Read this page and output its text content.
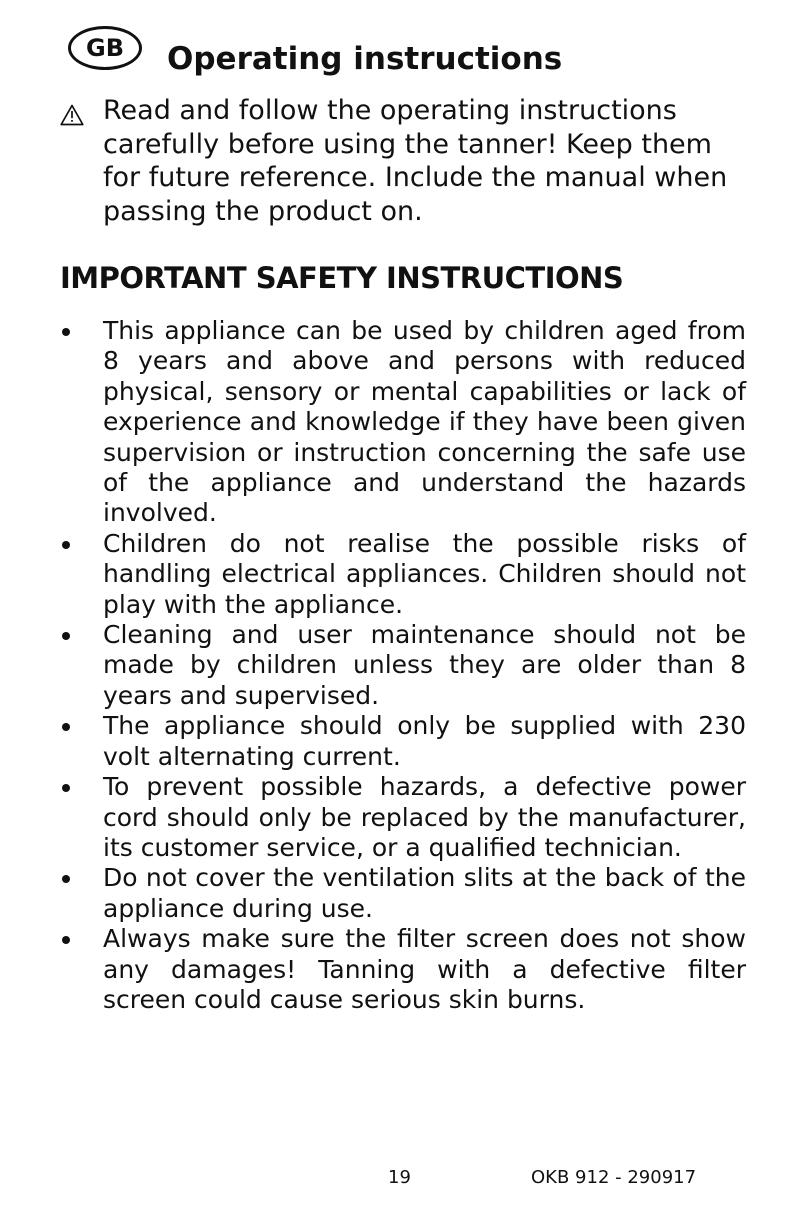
GB	Operating instructions
Read and follow the operating instructions carefully before using the tanner! Keep them for future reference. Include the manual when passing the product on.
IMPORTANT SAFETY INSTRUCTIONS
This appliance can be used by children aged from 8 years and above and persons with reduced physical, sensory or mental capabilities or lack of experience and knowledge if they have been given supervision or instruction concerning the safe use of the appliance and understand the hazards involved.
Children do not realise the possible risks of handling electrical appliances. Children should not play with the appliance.
Cleaning and user maintenance should not be made by children unless they are older than 8 years and supervised.
The appliance should only be supplied with 230 volt alternating current.
To prevent possible hazards, a defective power cord should only be replaced by the manufacturer, its customer service, or a qualified technician.
Do not cover the ventilation slits at the back of the appliance during use.
Always make sure the filter screen does not show any damages! Tanning with a defective filter screen could cause serious skin burns.
19	OKB 912 - 290917
